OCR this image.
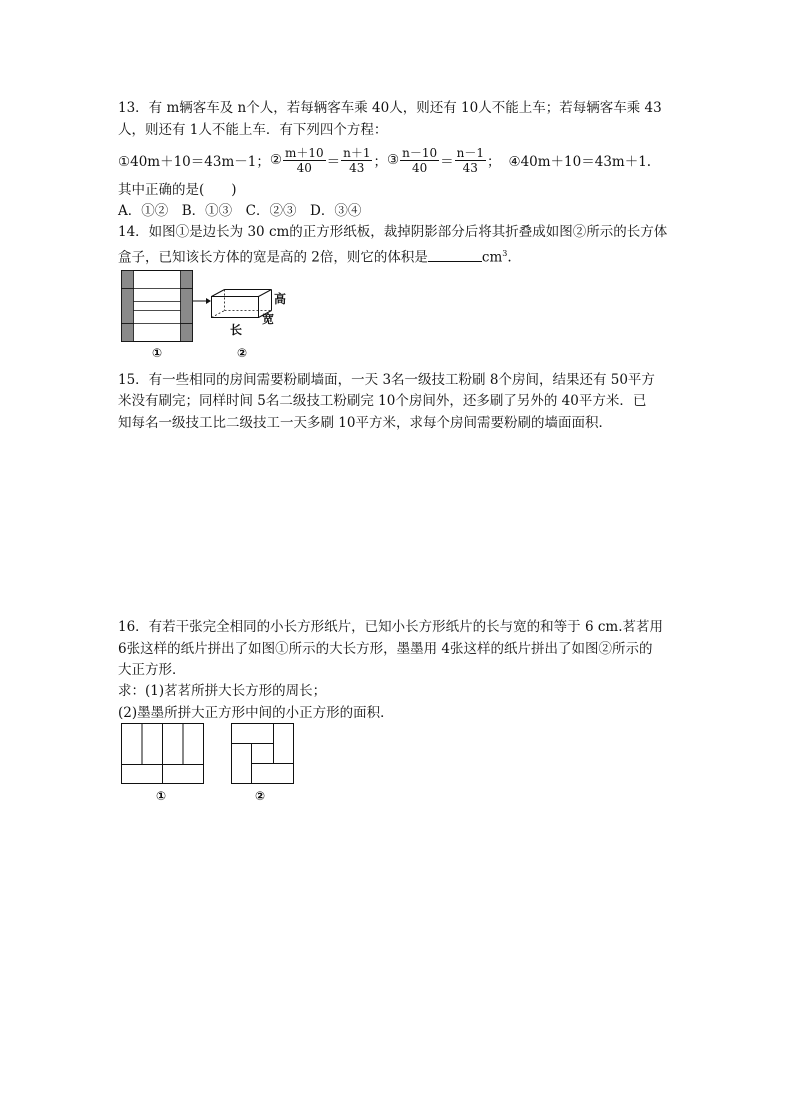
13．有 m辆客车及 n个人，若每辆客车乘 40人，则还有 10人不能上车；若每辆客车乘 43
人，则还有 1人不能上车．有下列四个方程：
①40m＋10＝43m－1； ② $\frac{m+10}{40} = \frac{n+1}{43}$ ； ③ $\frac{n-10}{40} = \frac{n-1}{43}$ ； ④40m＋10＝43m＋1.
其中正确的是(　　)
A．①②　B．①③　C．②③　D．③④
14．如图①是边长为 30 cm的正方形纸板，裁掉阴影部分后将其折叠成如图②所示的长方体
盒子，已知该长方体的宽是高的 2倍，则它的体积是	$cm^3$.
高
宽
长
①	②
15．有一些相同的房间需要粉刷墙面，一天 3名一级技工粉刷 8个房间，结果还有 50平方
米没有刷完；同样时间 5名二级技工粉刷完 10个房间外，还多刷了另外的 40平方米．已
知每名一级技工比二级技工一天多刷 10平方米，求每个房间需要粉刷的墙面面积．
16．有若干张完全相同的小长方形纸片，已知小长方形纸片的长与宽的和等于 6 cm.茗茗用
6张这样的纸片拼出了如图①所示的大长方形，墨墨用 4张这样的纸片拼出了如图②所示的
大正方形．
求：(1)茗茗所拼大长方形的周长；
(2)墨墨所拼大正方形中间的小正方形的面积．
①	②
